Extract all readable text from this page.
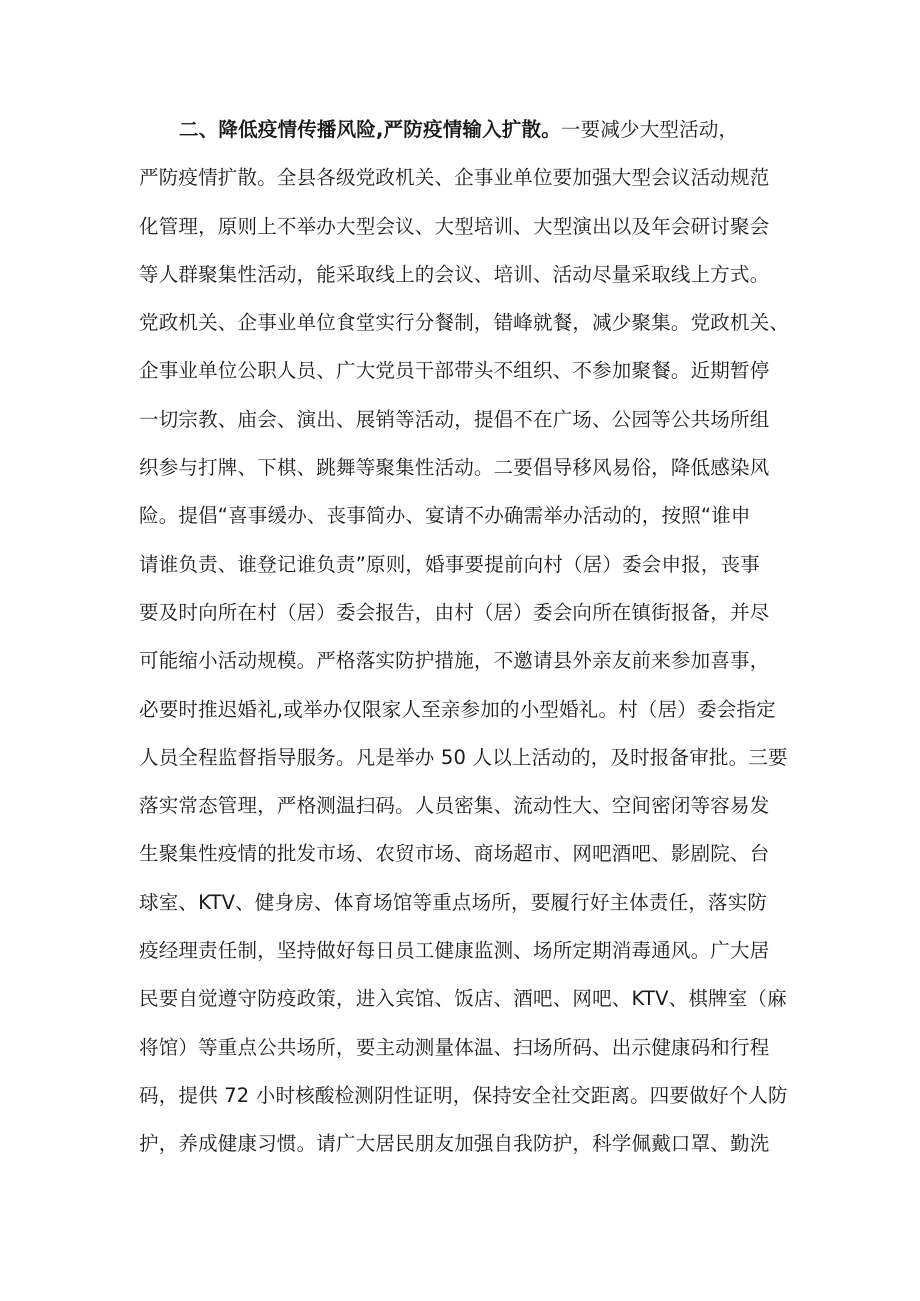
二、降低疫情传播风险,严防疫情输入扩散。一要减少大型活动，
严防疫情扩散。全县各级党政机关、企事业单位要加强大型会议活动规范
化管理，原则上不举办大型会议、大型培训、大型演出以及年会研讨聚会
等人群聚集性活动，能采取线上的会议、培训、活动尽量采取线上方式。
党政机关、企事业单位食堂实行分餐制，错峰就餐，减少聚集。党政机关、
企事业单位公职人员、广大党员干部带头不组织、不参加聚餐。近期暂停
一切宗教、庙会、演出、展销等活动，提倡不在广场、公园等公共场所组
织参与打牌、下棋、跳舞等聚集性活动。二要倡导移风易俗，降低感染风
险。提倡“喜事缓办、丧事简办、宴请不办确需举办活动的，按照“谁申
请谁负责、谁登记谁负责”原则，婚事要提前向村（居）委会申报，丧事
要及时向所在村（居）委会报告，由村（居）委会向所在镇街报备，并尽
可能缩小活动规模。严格落实防护措施，不邀请县外亲友前来参加喜事，
必要时推迟婚礼,或举办仅限家人至亲参加的小型婚礼。村（居）委会指定
人员全程监督指导服务。凡是举办 50 人以上活动的，及时报备审批。三要
落实常态管理，严格测温扫码。人员密集、流动性大、空间密闭等容易发
生聚集性疫情的批发市场、农贸市场、商场超市、网吧酒吧、影剧院、台
球室、KTV、健身房、体育场馆等重点场所，要履行好主体责任，落实防
疫经理责任制，坚持做好每日员工健康监测、场所定期消毒通风。广大居
民要自觉遵守防疫政策，进入宾馆、饭店、酒吧、网吧、KTV、棋牌室（麻
将馆）等重点公共场所，要主动测量体温、扫场所码、出示健康码和行程
码，提供 72 小时核酸检测阴性证明，保持安全社交距离。四要做好个人防
护，养成健康习惯。请广大居民朋友加强自我防护，科学佩戴口罩、勤洗
